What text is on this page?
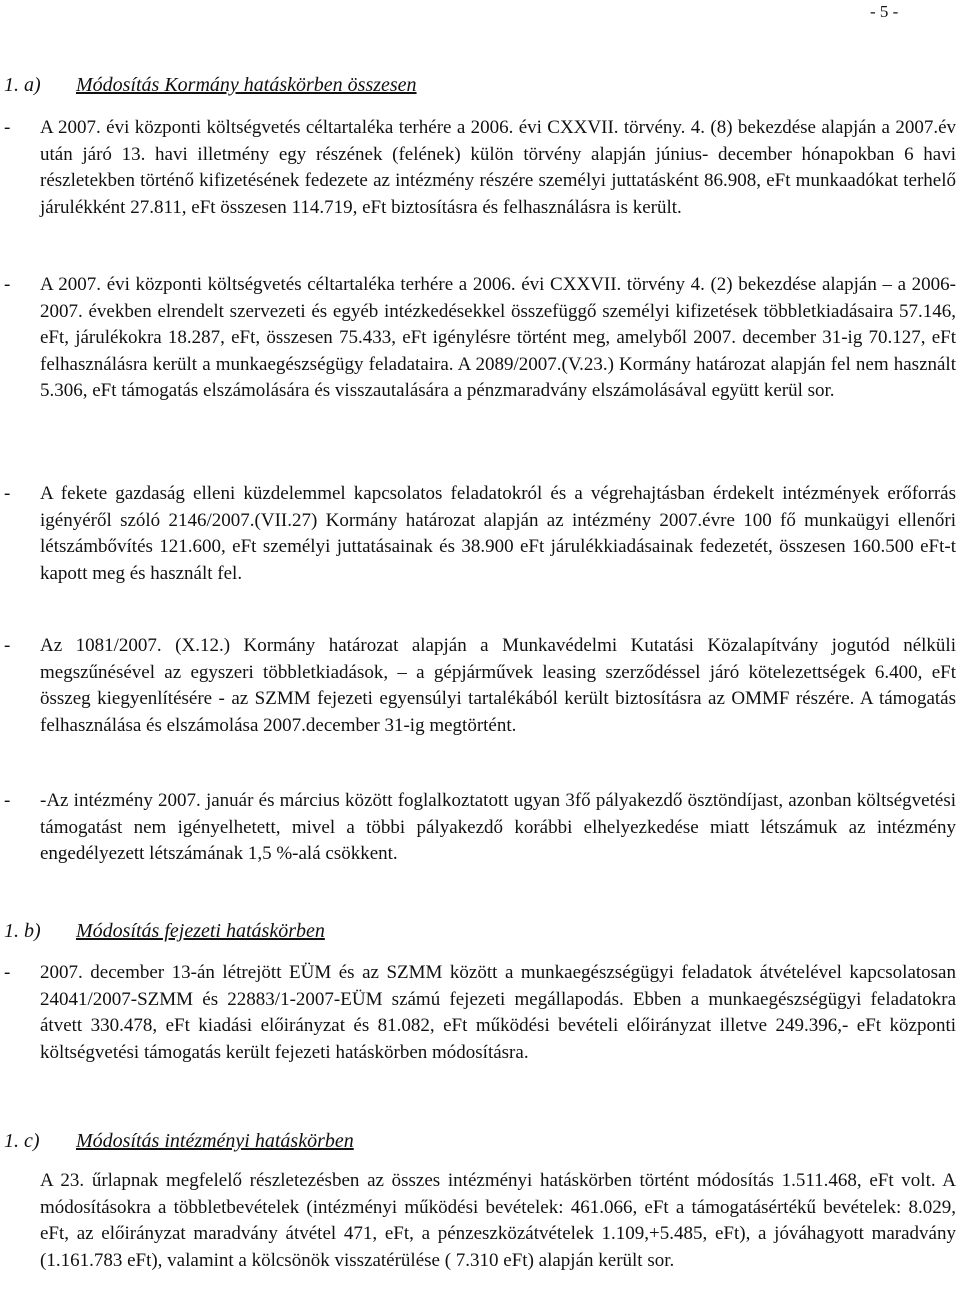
- 5 -
1. a) Módosítás Kormány hatáskörben összesen
- A 2007. évi központi költségvetés céltartaléka terhére a 2006. évi CXXVII. törvény. 4. (8) bekezdése alapján a 2007.év után járó 13. havi illetmény egy részének (felének) külön törvény alapján június- december hónapokban 6 havi részletekben történő kifizetésének fedezete az intézmény részére személyi juttatásként 86.908, eFt munkaadókat terhelő járulékként 27.811, eFt összesen 114.719, eFt biztosításra és felhasználásra is került.
- A 2007. évi központi költségvetés céltartaléka terhére a 2006. évi CXXVII. törvény 4. (2) bekezdése alapján – a 2006-2007. években elrendelt szervezeti és egyéb intézkedésekkel összefüggő személyi kifizetések többletkiadásaira 57.146, eFt, járulékokra 18.287, eFt, összesen 75.433, eFt igénylésre történt meg, amelyből 2007. december 31-ig 70.127, eFt felhasználásra került a munkaegészségügy feladataira. A 2089/2007.(V.23.) Kormány határozat alapján fel nem használt 5.306, eFt támogatás elszámolására és visszautalására a pénzmaradvány elszámolásával együtt kerül sor.
- A fekete gazdaság elleni küzdelemmel kapcsolatos feladatokról és a végrehajtásban érdekelt intézmények erőforrás igényéről szóló 2146/2007.(VII.27) Kormány határozat alapján az intézmény 2007.évre 100 fő munkaügyi ellenőri létszámbővítés 121.600, eFt személyi juttatásainak és 38.900 eFt járulékkiadásainak fedezetét, összesen 160.500 eFt-t kapott meg és használt fel.
- Az 1081/2007. (X.12.) Kormány határozat alapján a Munkavédelmi Kutatási Közalapítvány jogutód nélküli megszűnésével az egyszeri többletkiadások, – a gépjárművek leasing szerződéssel járó kötelezettségek 6.400, eFt összeg kiegyenlítésére - az SZMM fejezeti egyensúlyi tartalékából került biztosításra az OMMF részére. A támogatás felhasználása és elszámolása 2007.december 31-ig megtörtént.
- -Az intézmény 2007. január és március között foglalkoztatott ugyan 3fő pályakezdő ösztöndíjast, azonban költségvetési támogatást nem igényelhetett, mivel a többi pályakezdő korábbi elhelyezkedése miatt létszámuk az intézmény engedélyezett létszámának 1,5 %-alá csökkent.
1. b) Módosítás fejezeti hatáskörben
- 2007. december 13-án létrejött EÜM és az SZMM között a munkaegészségügyi feladatok átvételével kapcsolatosan 24041/2007-SZMM és 22883/1-2007-EÜM számú fejezeti megállapodás. Ebben a munkaegészségügyi feladatokra átvett 330.478, eFt kiadási előirányzat és 81.082, eFt működési bevételi előirányzat illetve 249.396,- eFt központi költségvetési támogatás került fejezeti hatáskörben módosításra.
1. c) Módosítás intézményi hatáskörben
A 23. űrlapnak megfelelő részletezésben az összes intézményi hatáskörben történt módosítás 1.511.468, eFt volt. A módosításokra a többletbevételek (intézményi működési bevételek: 461.066, eFt a támogatásértékű bevételek: 8.029, eFt, az előirányzat maradvány átvétel 471, eFt, a pénzeszközátvételek 1.109,+5.485, eFt), a jóváhagyott maradvány (1.161.783 eFt), valamint a kölcsönök visszatérülése ( 7.310 eFt) alapján került sor.
